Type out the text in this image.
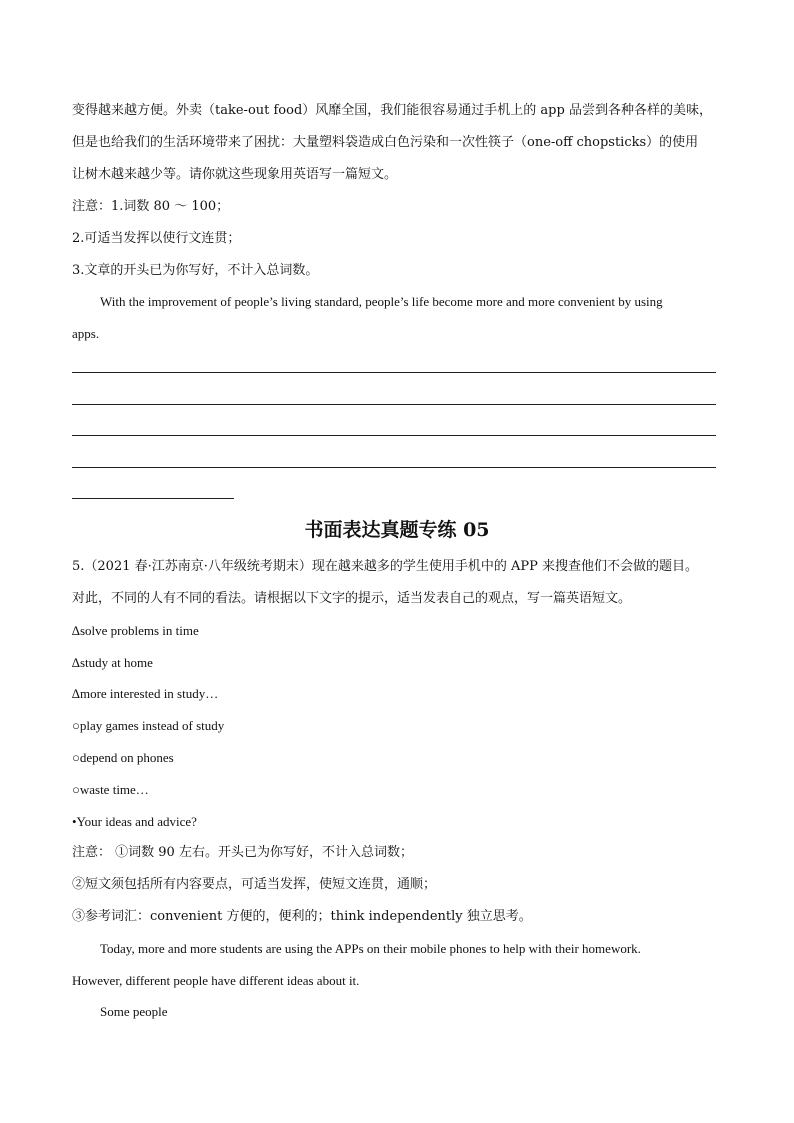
变得越来越方便。外卖（take-out food）风靡全国，我们能很容易通过手机上的 app 品尝到各种各样的美味，
但是也给我们的生活环境带来了困扰：大量塑料袋造成白色污染和一次性筷子（one-off chopsticks）的使用
让树木越来越少等。请你就这些现象用英语写一篇短文。
注意：1.词数 80 ～ 100；
2.可适当发挥以使行文连贯；
3.文章的开头已为你写好，不计入总词数。
With the improvement of people’s living standard, people’s life become more and more convenient by using
apps.
书面表达真题专练 05
5.（2021 春·江苏南京·八年级统考期末）现在越来越多的学生使用手机中的 APP 来搜查他们不会做的题目。
对此，不同的人有不同的看法。请根据以下文字的提示，适当发表自己的观点，写一篇英语短文。
∆solve problems in time
∆study at home
∆more interested in study…
○play games instead of study
○depend on phones
○waste time…
•Your ideas and advice?
注意： ①词数 90 左右。开头已为你写好，不计入总词数；
②短文须包括所有内容要点，可适当发挥，使短文连贯，通顺；
③参考词汇：convenient 方便的，便利的；think independently 独立思考。
Today, more and more students are using the APPs on their mobile phones to help with their homework.
However, different people have different ideas about it.
Some people
